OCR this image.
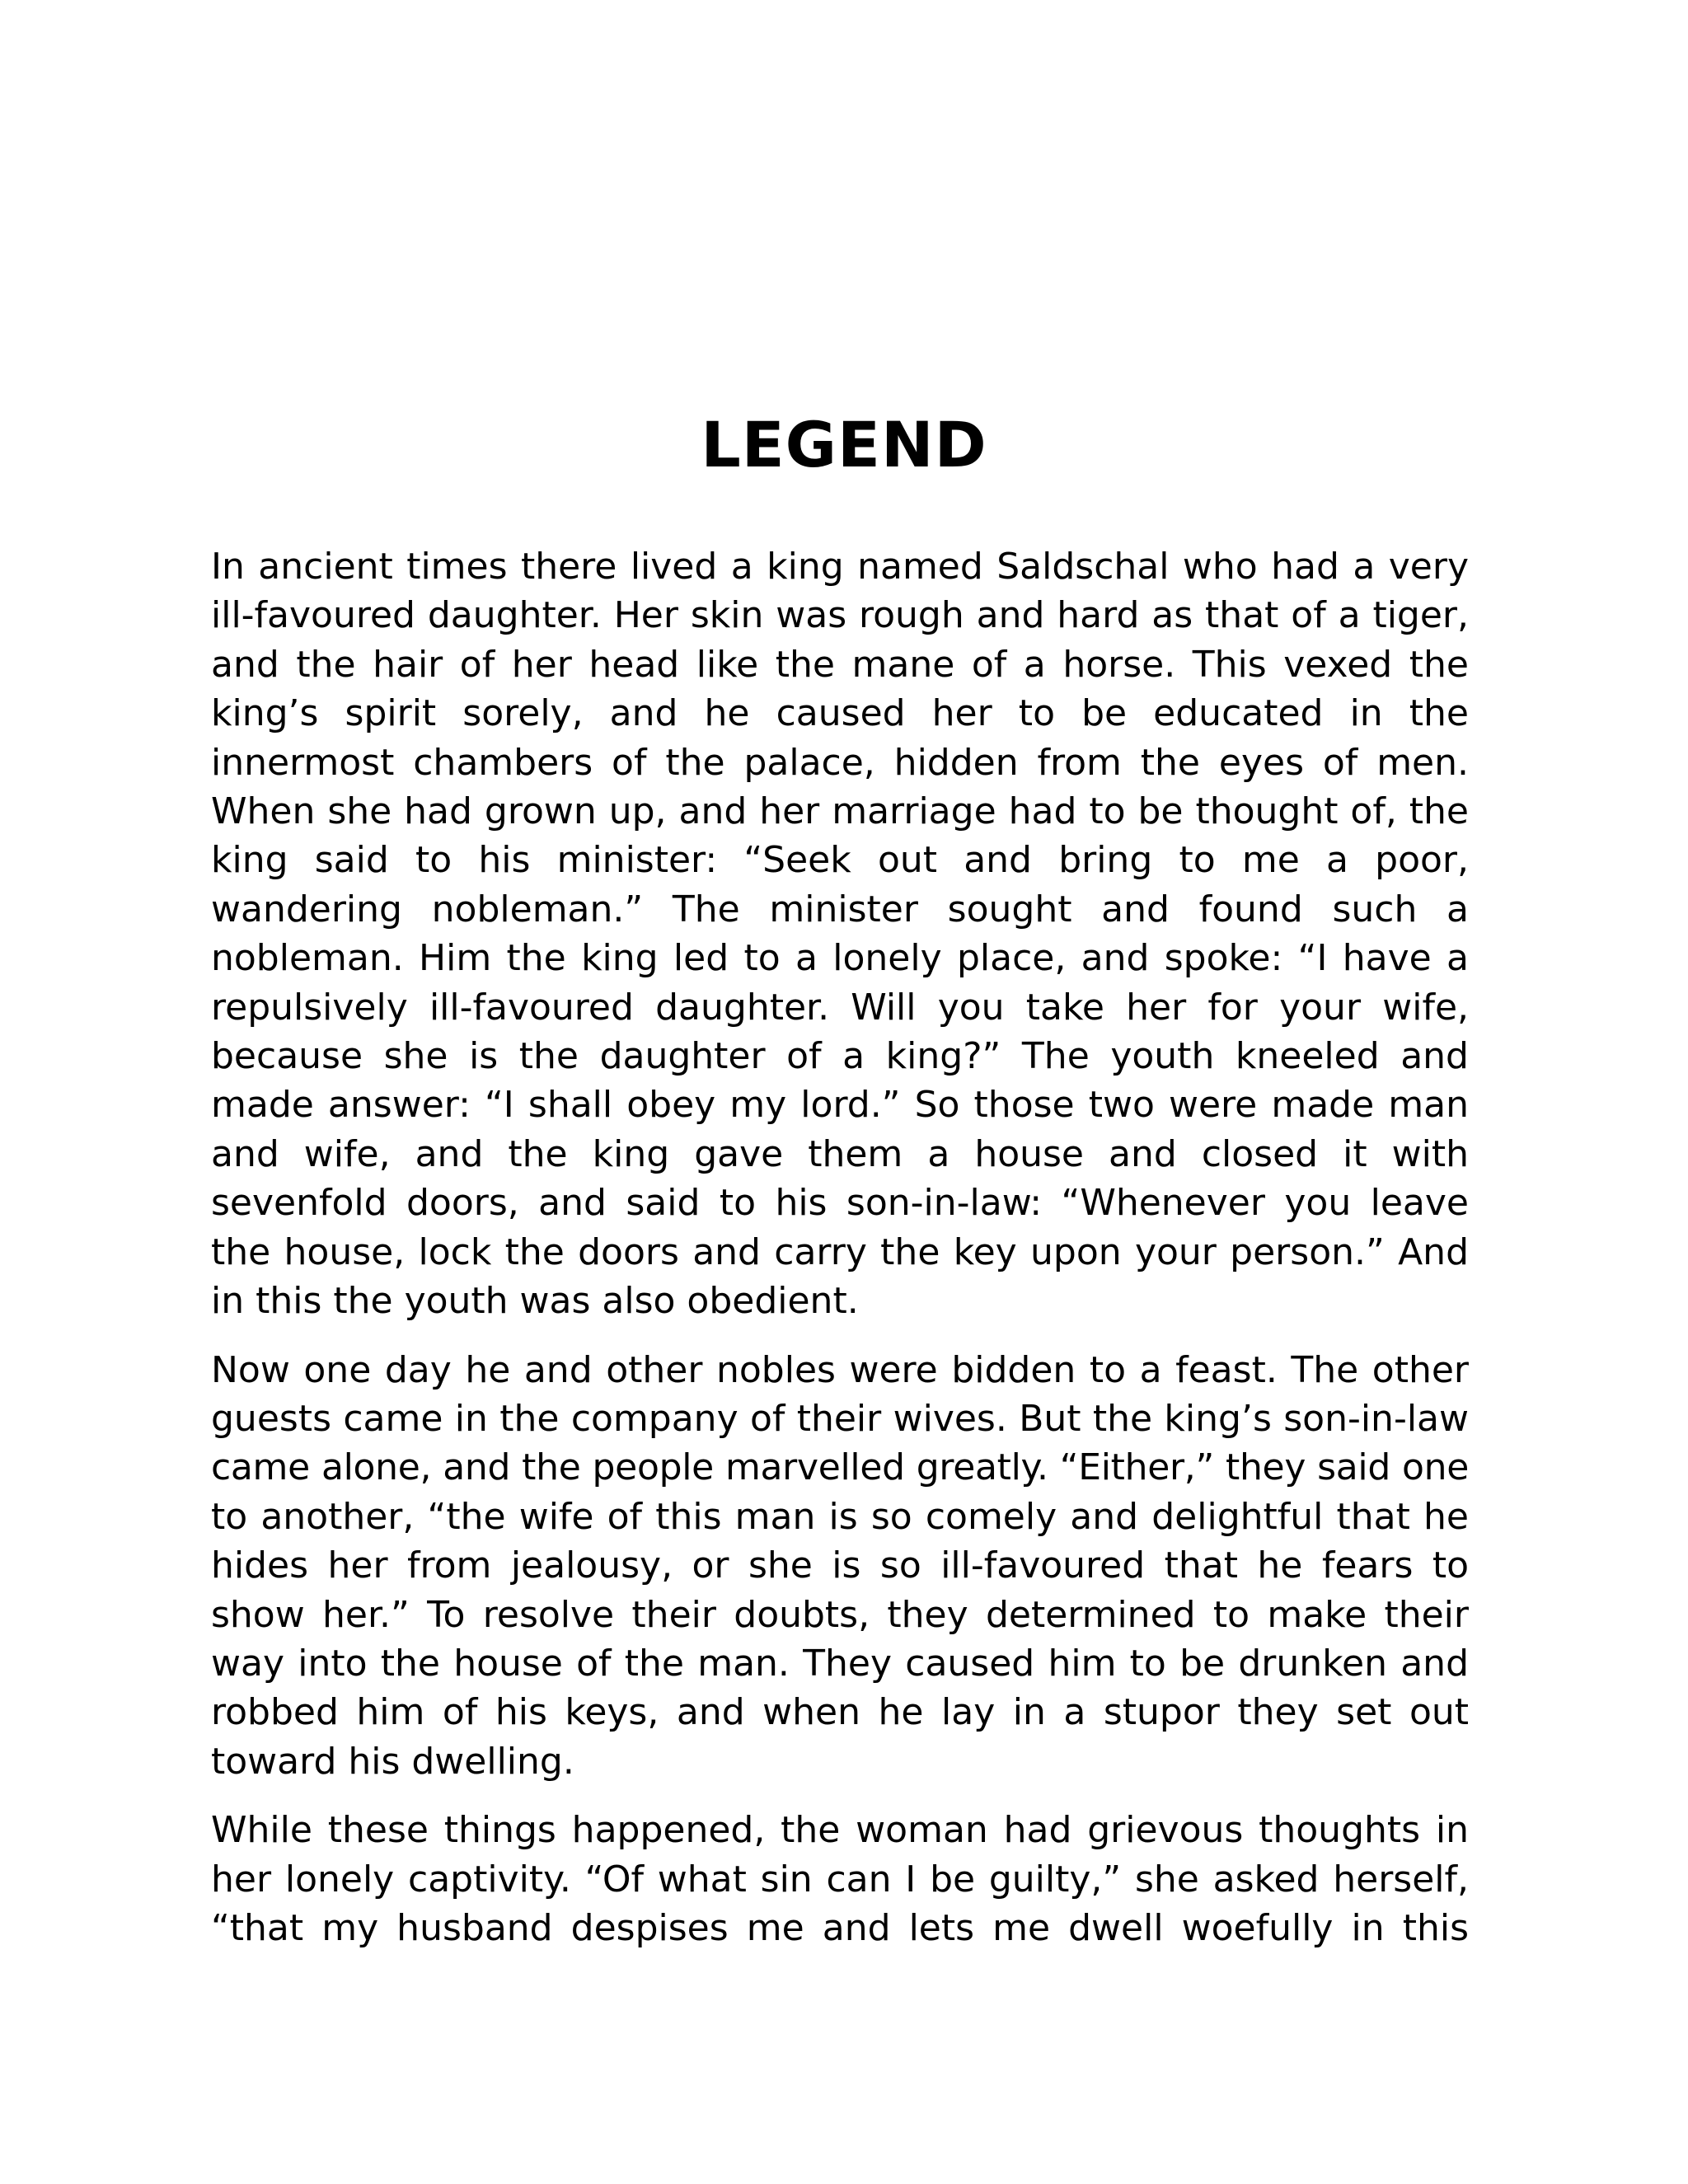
LEGEND

In ancient times there lived a king named Saldschal who had a very
ill-favoured daughter. Her skin was rough and hard as that of a tiger,
and the hair of her head like the mane of a horse. This vexed the
king’s spirit sorely, and he caused her to be educated in the
innermost chambers of the palace, hidden from the eyes of men.
When she had grown up, and her marriage had to be thought of, the
king said to his minister: “Seek out and bring to me a poor,
wandering nobleman.” The minister sought and found such a
nobleman. Him the king led to a lonely place, and spoke: “I have a
repulsively ill-favoured daughter. Will you take her for your wife,
because she is the daughter of a king?” The youth kneeled and
made answer: “I shall obey my lord.” So those two were made man
and wife, and the king gave them a house and closed it with
sevenfold doors, and said to his son-in-law: “Whenever you leave
the house, lock the doors and carry the key upon your person.” And
in this the youth was also obedient.

Now one day he and other nobles were bidden to a feast. The other
guests came in the company of their wives. But the king’s son-in-law
came alone, and the people marvelled greatly. “Either,” they said one
to another, “the wife of this man is so comely and delightful that he
hides her from jealousy, or she is so ill-favoured that he fears to
show her.” To resolve their doubts, they determined to make their
way into the house of the man. They caused him to be drunken and
robbed him of his keys, and when he lay in a stupor they set out
toward his dwelling.

While these things happened, the woman had grievous thoughts in
her lonely captivity. “Of what sin can I be guilty,” she asked herself,
“that my husband despises me and lets me dwell woefully in this
